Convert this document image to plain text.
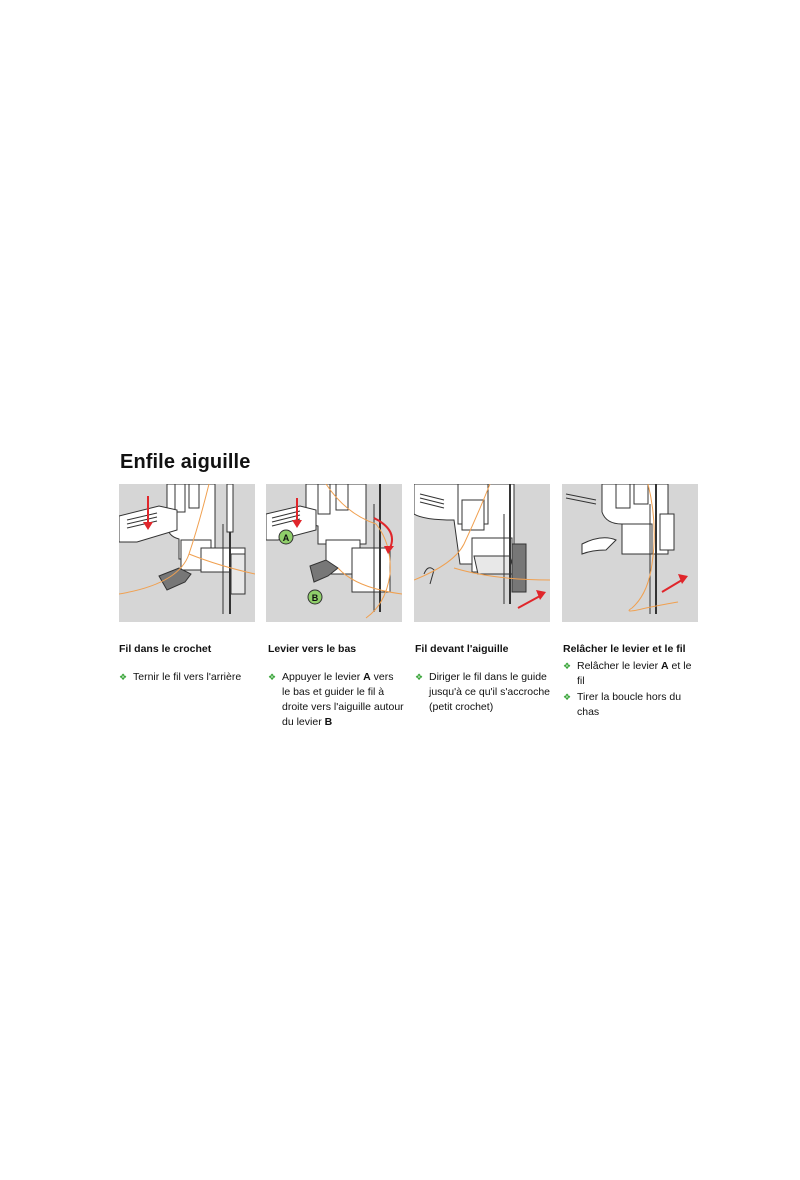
Enfile aiguille
A
B

Fil dans le crochet

❖ Ternir le fil vers l'arrière

Levier vers le bas

❖ Appuyer le levier A vers le bas et guider le fil à droite vers l'aiguille autour du levier B

Fil devant l'aiguille

❖ Diriger le fil dans le guide jusqu'à ce qu'il s'accroche (petit crochet)

Relâcher le levier et le fil

❖ Relâcher le levier A et le fil
❖ Tirer la boucle hors du chas
